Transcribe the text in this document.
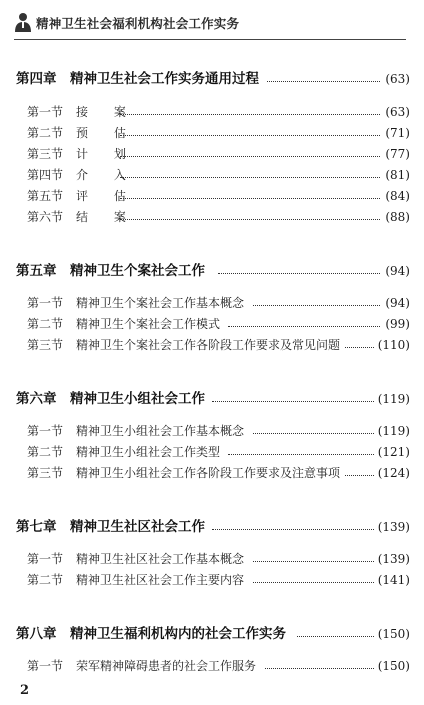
精神卫生社会福利机构社会工作实务
第四章 精神卫生社会工作实务通用过程	(63)
第一节 接 案	(63)
第二节 预 估	(71)
第三节 计 划	(77)
第四节 介 入	(81)
第五节 评 估	(84)
第六节 结 案	(88)
第五章 精神卫生个案社会工作	(94)
第一节 精神卫生个案社会工作基本概念	(94)
第二节 精神卫生个案社会工作模式	(99)
第三节 精神卫生个案社会工作各阶段工作要求及常见问题	(110)
第六章 精神卫生小组社会工作	(119)
第一节 精神卫生小组社会工作基本概念	(119)
第二节 精神卫生小组社会工作类型	(121)
第三节 精神卫生小组社会工作各阶段工作要求及注意事项	(124)
第七章 精神卫生社区社会工作	(139)
第一节 精神卫生社区社会工作基本概念	(139)
第二节 精神卫生社区社会工作主要内容	(141)
第八章 精神卫生福利机构内的社会工作实务	(150)
第一节 荣军精神障碍患者的社会工作服务	(150)
2
